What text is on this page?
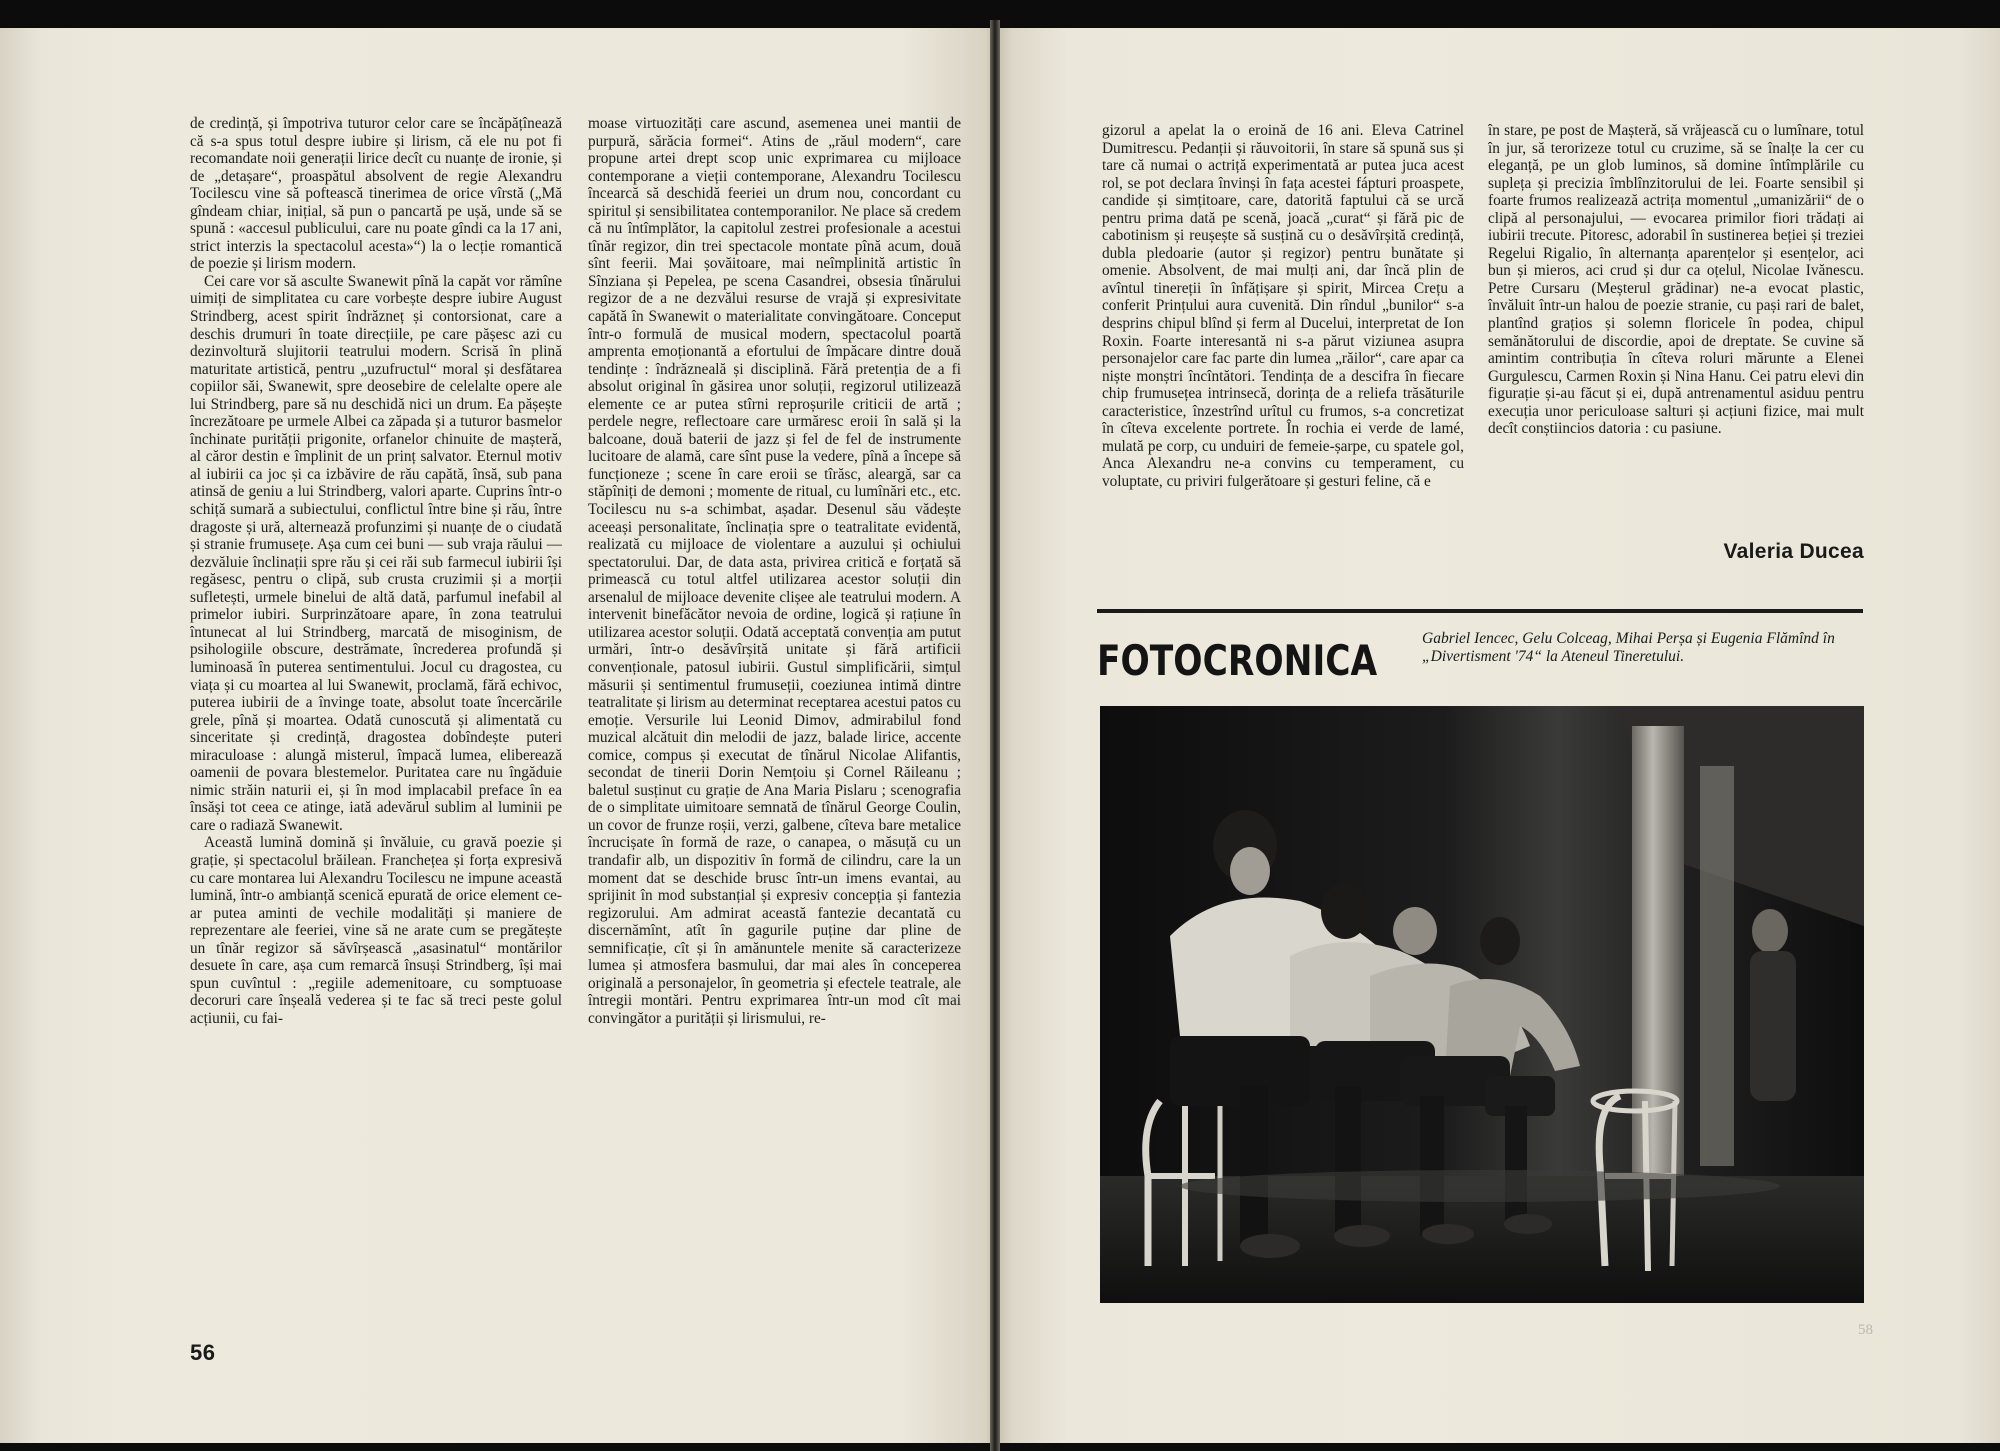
de credință, și împotriva tuturor celor care se încăpățînează că s-a spus totul despre iubire și lirism, că ele nu pot fi recomandate noii generații lirice decît cu nuanțe de ironie, și de „detașare“, proaspătul absolvent de regie Alexandru Tocilescu vine să poftească tinerimea de orice vîrstă („Mă gîndeam chiar, inițial, să pun o pancartă pe ușă, unde să se spună : «accesul publicului, care nu poate gîndi ca la 17 ani, strict interzis la spectacolul acesta»“) la o lecție romantică de poezie și lirism modern.

Cei care vor să asculte Swanewit pînă la capăt vor rămîne uimiți de simplitatea cu care vorbește despre iubire August Strindberg, acest spirit îndrăzneț și contorsionat, care a deschis drumuri în toate direcțiile, pe care pășesc azi cu dezinvoltură slujitorii teatrului modern. Scrisă în plină maturitate artistică, pentru „uzufructul“ moral și desfătarea copiilor săi, Swanewit, spre deosebire de celelalte opere ale lui Strindberg, pare să nu deschidă nici un drum. Ea pășește încrezătoare pe urmele Albei ca zăpada și a tuturor basmelor închinate purității prigonite, orfanelor chinuite de mașteră, al căror destin e împlinit de un prinț salvator. Eternul motiv al iubirii ca joc și ca izbăvire de rău capătă, însă, sub pana atinsă de geniu a lui Strindberg, valori aparte. Cuprins într-o schiță sumară a subiectului, conflictul între bine și rău, între dragoste și ură, alternează profunzimi și nuanțe de o ciudată și stranie frumusețe. Așa cum cei buni — sub vraja răului — dezvăluie înclinații spre rău și cei răi sub farmecul iubirii își regăsesc, pentru o clipă, sub crusta cruzimii și a morții sufletești, urmele binelui de altă dată, parfumul inefabil al primelor iubiri. Surprinzătoare apare, în zona teatrului întunecat al lui Strindberg, marcată de misoginism, de psihologiile obscure, destrămate, încrederea profundă și luminoasă în puterea sentimentului. Jocul cu dragostea, cu viața și cu moartea al lui Swanewit, proclamă, fără echivoc, puterea iubirii de a învinge toate, absolut toate încercările grele, pînă și moartea. Odată cunoscută și alimentată cu sinceritate și credință, dragostea dobîndește puteri miraculoase : alungă misterul, împacă lumea, eliberează oamenii de povara blestemelor. Puritatea care nu îngăduie nimic străin naturii ei, și în mod implacabil preface în ea însăși tot ceea ce atinge, iată adevărul sublim al luminii pe care o radiază Swanewit.

Această lumină domină și învăluie, cu gravă poezie și grație, și spectacolul brăilean. Franchețea și forța expresivă cu care montarea lui Alexandru Tocilescu ne impune această lumină, într-o ambianță scenică epurată de orice element ce-ar putea aminti de vechile modalități și maniere de reprezentare ale feeriei, vine să ne arate cum se pregătește un tînăr regizor să săvîrșească „asasinatul“ montărilor desuete în care, așa cum remarcă însuși Strindberg, își mai spun cuvîntul : „regiile ademenitoare, cu somptuoase decoruri care înșeală vederea și te fac să treci peste golul acțiunii, cu fai-

moase virtuozități care ascund, asemenea unei mantii de purpură, sărăcia formei“. Atins de „răul modern“, care propune artei drept scop unic exprimarea cu mijloace contemporane a vieții contemporane, Alexandru Tocilescu încearcă să deschidă feeriei un drum nou, concordant cu spiritul și sensibilitatea contemporanilor. Ne place să credem că nu întîmplător, la capitolul zestrei profesionale a acestui tînăr regizor, din trei spectacole montate pînă acum, două sînt feerii. Mai șovăitoare, mai neîmplinită artistic în Sînziana și Pepelea, pe scena Casandrei, obsesia tînărului regizor de a ne dezvălui resurse de vrajă și expresivitate capătă în Swanewit o materialitate convingătoare. Conceput într-o formulă de musical modern, spectacolul poartă amprenta emoționantă a efortului de împăcare dintre două tendințe : îndrăzneală și disciplină. Fără pretenția de a fi absolut original în găsirea unor soluții, regizorul utilizează elemente ce ar putea stîrni reproșurile criticii de artă ; perdele negre, reflectoare care urmăresc eroii în sală și la balcoane, două baterii de jazz și fel de fel de instrumente lucitoare de alamă, care sînt puse la vedere, pînă a începe să funcționeze ; scene în care eroii se tîrăsc, aleargă, sar ca stăpîniți de demoni ; momente de ritual, cu lumînări etc., etc. Tocilescu nu s-a schimbat, așadar. Desenul său vădește aceeași personalitate, înclinația spre o teatralitate evidentă, realizată cu mijloace de violentare a auzului și ochiului spectatorului. Dar, de data asta, privirea critică e forțată să primească cu totul altfel utilizarea acestor soluții din arsenalul de mijloace devenite clișee ale teatrului modern. A intervenit binefăcător nevoia de ordine, logică și rațiune în utilizarea acestor soluții. Odată acceptată convenția am putut urmări, într-o desăvîrșită unitate și fără artificii convenționale, patosul iubirii. Gustul simplificării, simțul măsurii și sentimentul frumuseții, coeziunea intimă dintre teatralitate și lirism au determinat receptarea acestui patos cu emoție. Versurile lui Leonid Dimov, admirabilul fond muzical alcătuit din melodii de jazz, balade lirice, accente comice, compus și executat de tînărul Nicolae Alifantis, secondat de tinerii Dorin Nemțoiu și Cornel Răileanu ; baletul susținut cu grație de Ana Maria Pislaru ; scenografia de o simplitate uimitoare semnată de tînărul George Coulin, un covor de frunze roșii, verzi, galbene, cîteva bare metalice încrucișate în formă de raze, o canapea, o măsuță cu un trandafir alb, un dispozitiv în formă de cilindru, care la un moment dat se deschide brusc într-un imens evantai, au sprijinit în mod substanțial și expresiv concepția și fantezia regizorului. Am admirat această fantezie decantată cu discernămînt, atît în gagurile puține dar pline de semnificație, cît și în amănuntele menite să caracterizeze lumea și atmosfera basmului, dar mai ales în conceperea originală a personajelor, în geometria și efectele teatrale, ale întregii montări. Pentru exprimarea într-un mod cît mai convingător a purității și lirismului, re-

56

gizorul a apelat la o eroină de 16 ani. Eleva Catrinel Dumitrescu. Pedanții și răuvoitorii, în stare să spună sus și tare că numai o actriță experimentată ar putea juca acest rol, se pot declara învinși în fața acestei fápturi proaspete, candide și simțitoare, care, datorită faptului că se urcă pentru prima dată pe scenă, joacă „curat“ și fără pic de cabotinism și reușește să susțină cu o desăvîrșită credință, dubla pledoarie (autor și regizor) pentru bunătate și omenie. Absolvent, de mai mulți ani, dar încă plin de avîntul tinereții în înfățișare și spirit, Mircea Crețu a conferit Prințului aura cuvenită. Din rîndul „bunilor“ s-a desprins chipul blînd și ferm al Ducelui, interpretat de Ion Roxin. Foarte interesantă ni s-a părut viziunea asupra personajelor care fac parte din lumea „răilor“, care apar ca niște monștri încîntători. Tendința de a descifra în fiecare chip frumusețea intrinsecă, dorința de a reliefa trăsăturile caracteristice, înzestrînd urîtul cu frumos, s-a concretizat în cîteva excelente portrete. În rochia ei verde de lamé, mulată pe corp, cu unduiri de femeie-șarpe, cu spatele gol, Anca Alexandru ne-a convins cu temperament, cu voluptate, cu priviri fulgerătoare și gesturi feline, că e

în stare, pe post de Mașteră, să vrăjească cu o lumînare, totul în jur, să terorizeze totul cu cruzime, să se înalțe la cer cu eleganță, pe un glob luminos, să domine întîmplările cu supleța și precizia îmblînzitorului de lei. Foarte sensibil și foarte frumos realizează actrița momentul „umanizării“ de o clipă al personajului, — evocarea primilor fiori trădați ai iubirii trecute. Pitoresc, adorabil în sustinerea beției și treziei Regelui Rigalio, în alternanța aparențelor și esențelor, aci bun și mieros, aci crud și dur ca oțelul, Nicolae Ivănescu. Petre Cursaru (Meșterul grădinar) ne-a evocat plastic, învăluit într-un halou de poezie stranie, cu pași rari de balet, plantînd grațios și solemn floricele în podea, chipul semănătorului de discordie, apoi de dreptate. Se cuvine să amintim contribuția în cîteva roluri mărunte a Elenei Gurgulescu, Carmen Roxin și Nina Hanu. Cei patru elevi din figurație și-au făcut și ei, după antrenamentul asiduu pentru execuția unor periculoase salturi și acțiuni fizice, mai mult decît conștiincios datoria : cu pasiune.

Valeria Ducea
FOTOCRONICA	Gabriel Iencec, Gelu Colceag, Mihai Perșa și Eugenia Flămînd în „Divertisment '74“ la Ateneul Tineretului.
58
